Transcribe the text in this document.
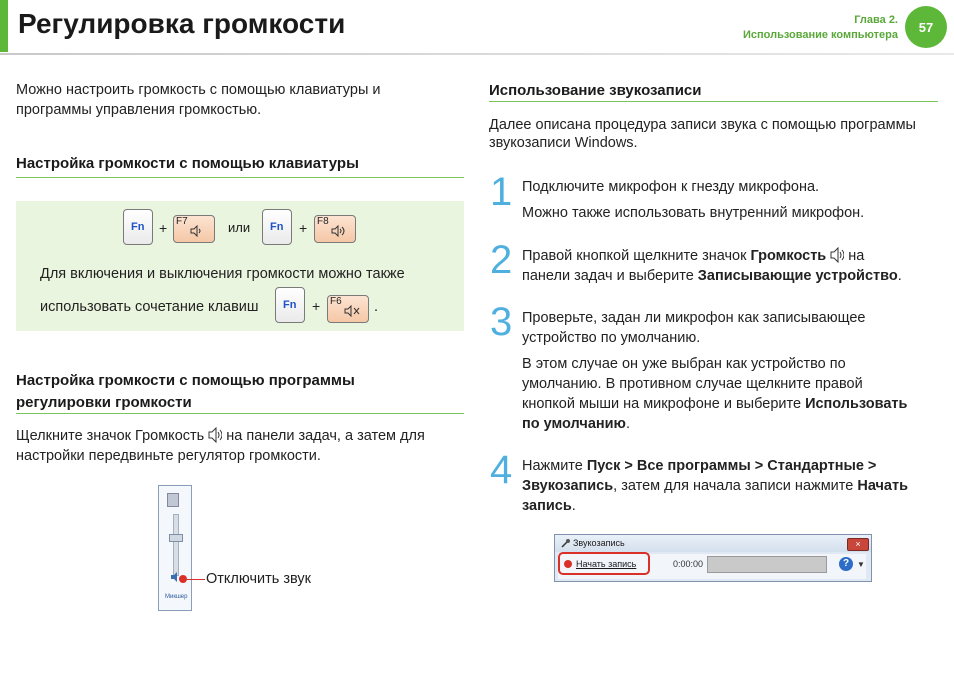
Регулировка громкости	Глава 2.
Использование компьютера
57
Можно настроить громкость с помощью клавиатуры и программы управления громкостью.
Настройка громкости с помощью клавиатуры
Fn + F7	или Fn + F8
Для включения и выключения громкости можно также
использовать сочетание клавиш Fn + F6 .
Настройка громкости с помощью программы
регулировки громкости
Щелкните значок Громкость на панели задач, а затем для
настройки передвиньте регулятор громкости.
Микшер
Отключить звук
Использование звукозаписи
Далее описана процедура записи звука с помощью программы
звукозаписи Windows.
1 Подключите микрофон к гнезду микрофона.
Можно также использовать внутренний микрофон.
2 Правой кнопкой щелкните значок Громкость  на
панели задач и выберите Записывающие устройство.
3 Проверьте, задан ли микрофон как записывающее
устройство по умолчанию.
В этом случае он уже выбран как устройство по
умолчанию. В противном случае щелкните правой
кнопкой мыши на микрофоне и выберите Использовать
по умолчанию.
4 Нажмите Пуск > Все программы > Стандартные >
Звукозапись, затем для начала записи нажмите Начать
запись.
Звукозапись	×
Начать запись	0:00:00	? ▼
